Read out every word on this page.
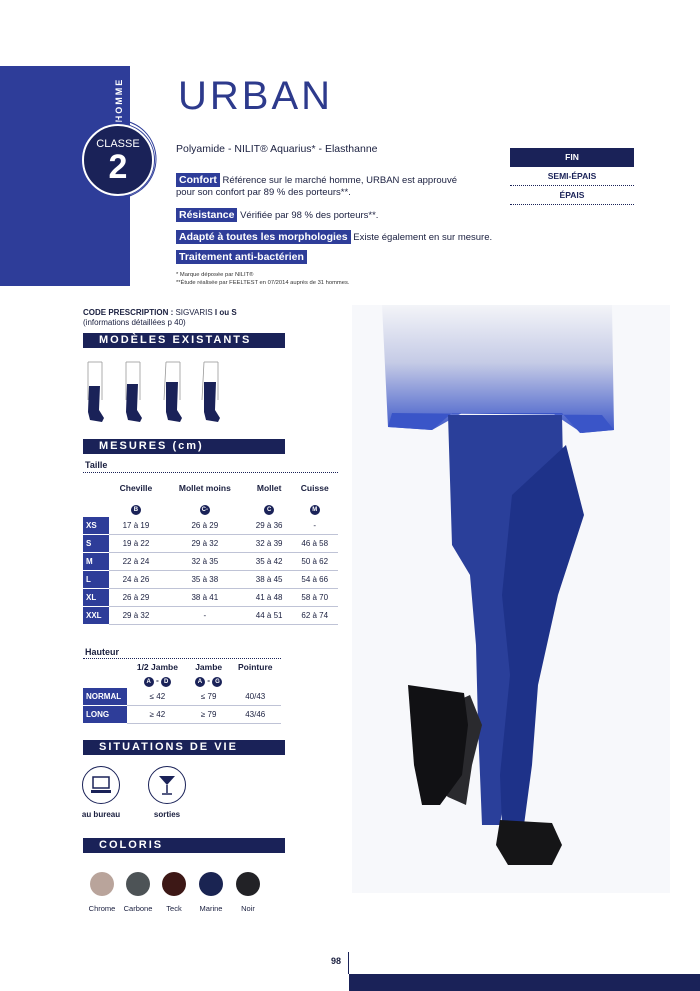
HOMME
CLASSE
2
URBAN
Polyamide - NILIT® Aquarius* - Elasthanne
Confort Référence sur le marché homme, URBAN est approuvé pour son confort par 89 % des porteurs**.
Résistance Vérifiée par 98 % des porteurs**.
Adapté à toutes les morphologies Existe également en sur mesure.
Traitement anti-bactérien
* Marque déposée par NILIT®
**Étude réalisée par FEELTEST en 07/2014 auprès de 31 hommes.
FIN
SEMI-ÉPAIS
ÉPAIS
CODE PRESCRIPTION : SIGVARIS I ou S
(informations détaillées p 40)
MODÈLES EXISTANTS
MESURES (cm)
Taille
	Cheville	Mollet moins	Mollet	Cuisse
	B	C-	C	M
XS	17 à 19	26 à 29	29 à 36	-
S	19 à 22	29 à 32	32 à 39	46 à 58
M	22 à 24	32 à 35	35 à 42	50 à 62
L	24 à 26	35 à 38	38 à 45	54 à 66
XL	26 à 29	38 à 41	41 à 48	58 à 70
XXL	29 à 32	-	44 à 51	62 à 74
Hauteur
	1/2 Jambe	Jambe	Pointure
	A - D	A - G	
NORMAL	≤ 42	≤ 79	40/43
LONG	≥ 42	≥ 79	43/46
SITUATIONS DE VIE
au bureau	sorties
COLORIS
Chrome	Carbone	Teck	Marine	Noir
98
